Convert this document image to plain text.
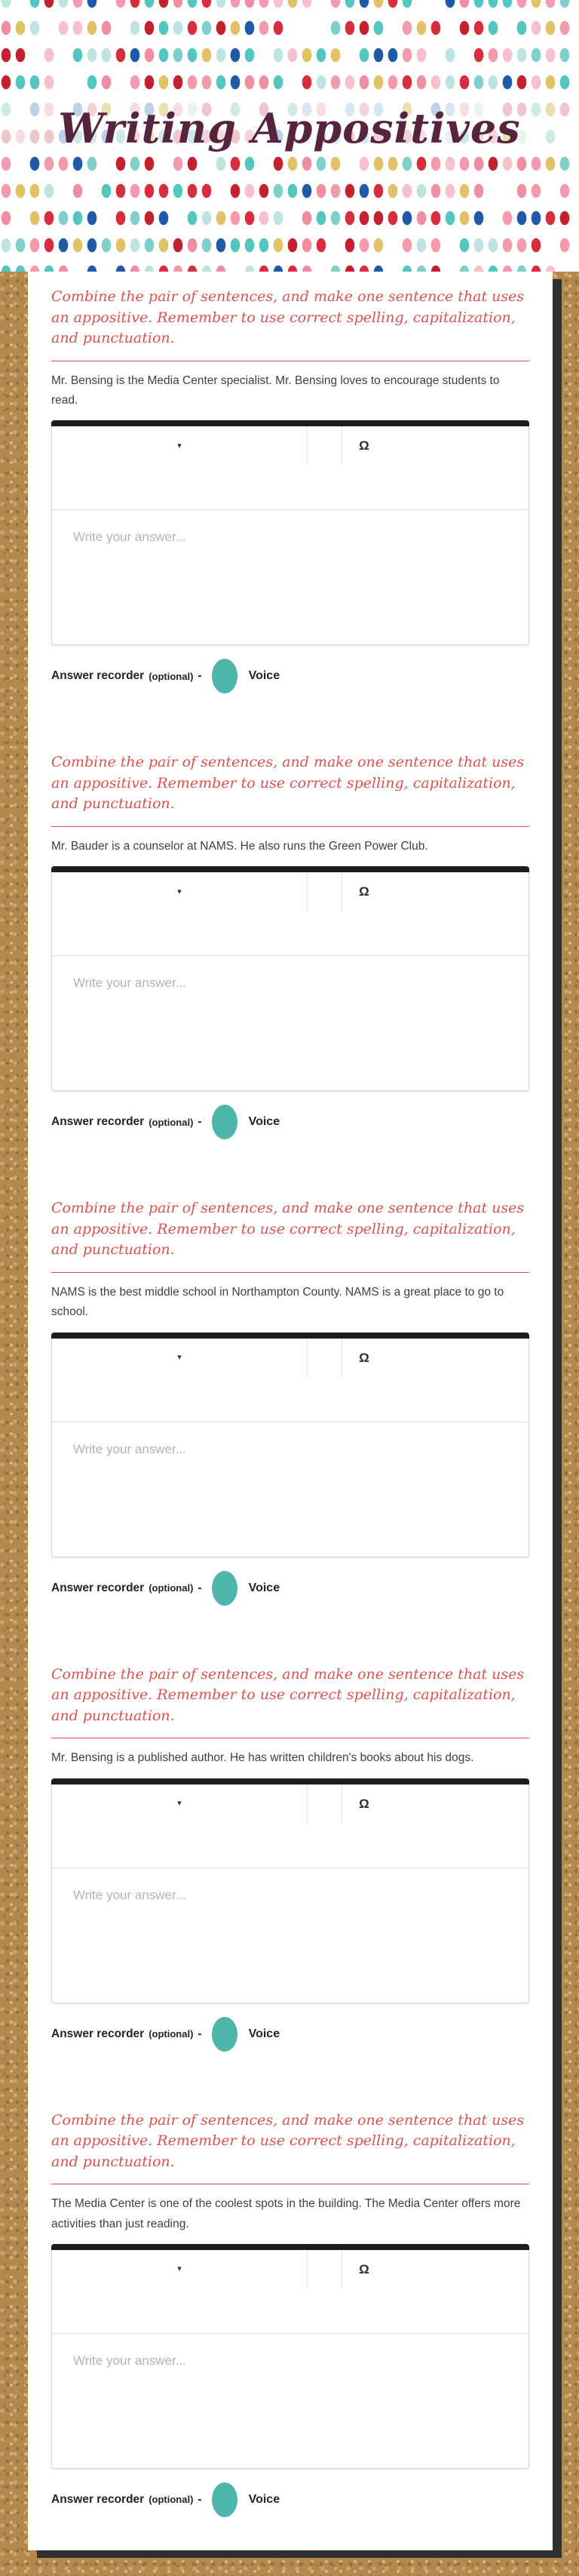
Writing Appositives

Combine the pair of sentences, and make one sentence that uses an appositive. Remember to use correct spelling, capitalization, and punctuation.

Mr. Bensing is the Media Center specialist. Mr. Bensing loves to encourage students to read.

▾	Ω
Write your answer...
Answer recorder (optional) -	Voice

Combine the pair of sentences, and make one sentence that uses an appositive. Remember to use correct spelling, capitalization, and punctuation.

Mr. Bauder is a counselor at NAMS. He also runs the Green Power Club.

▾	Ω
Write your answer...
Answer recorder (optional) -	Voice

Combine the pair of sentences, and make one sentence that uses an appositive. Remember to use correct spelling, capitalization, and punctuation.

NAMS is the best middle school in Northampton County. NAMS is a great place to go to school.

▾	Ω
Write your answer...
Answer recorder (optional) -	Voice

Combine the pair of sentences, and make one sentence that uses an appositive. Remember to use correct spelling, capitalization, and punctuation.

Mr. Bensing is a published author. He has written children's books about his dogs.

▾	Ω
Write your answer...
Answer recorder (optional) -	Voice

Combine the pair of sentences, and make one sentence that uses an appositive. Remember to use correct spelling, capitalization, and punctuation.

The Media Center is one of the coolest spots in the building. The Media Center offers more activities than just reading.

▾	Ω
Write your answer...
Answer recorder (optional) -	Voice
